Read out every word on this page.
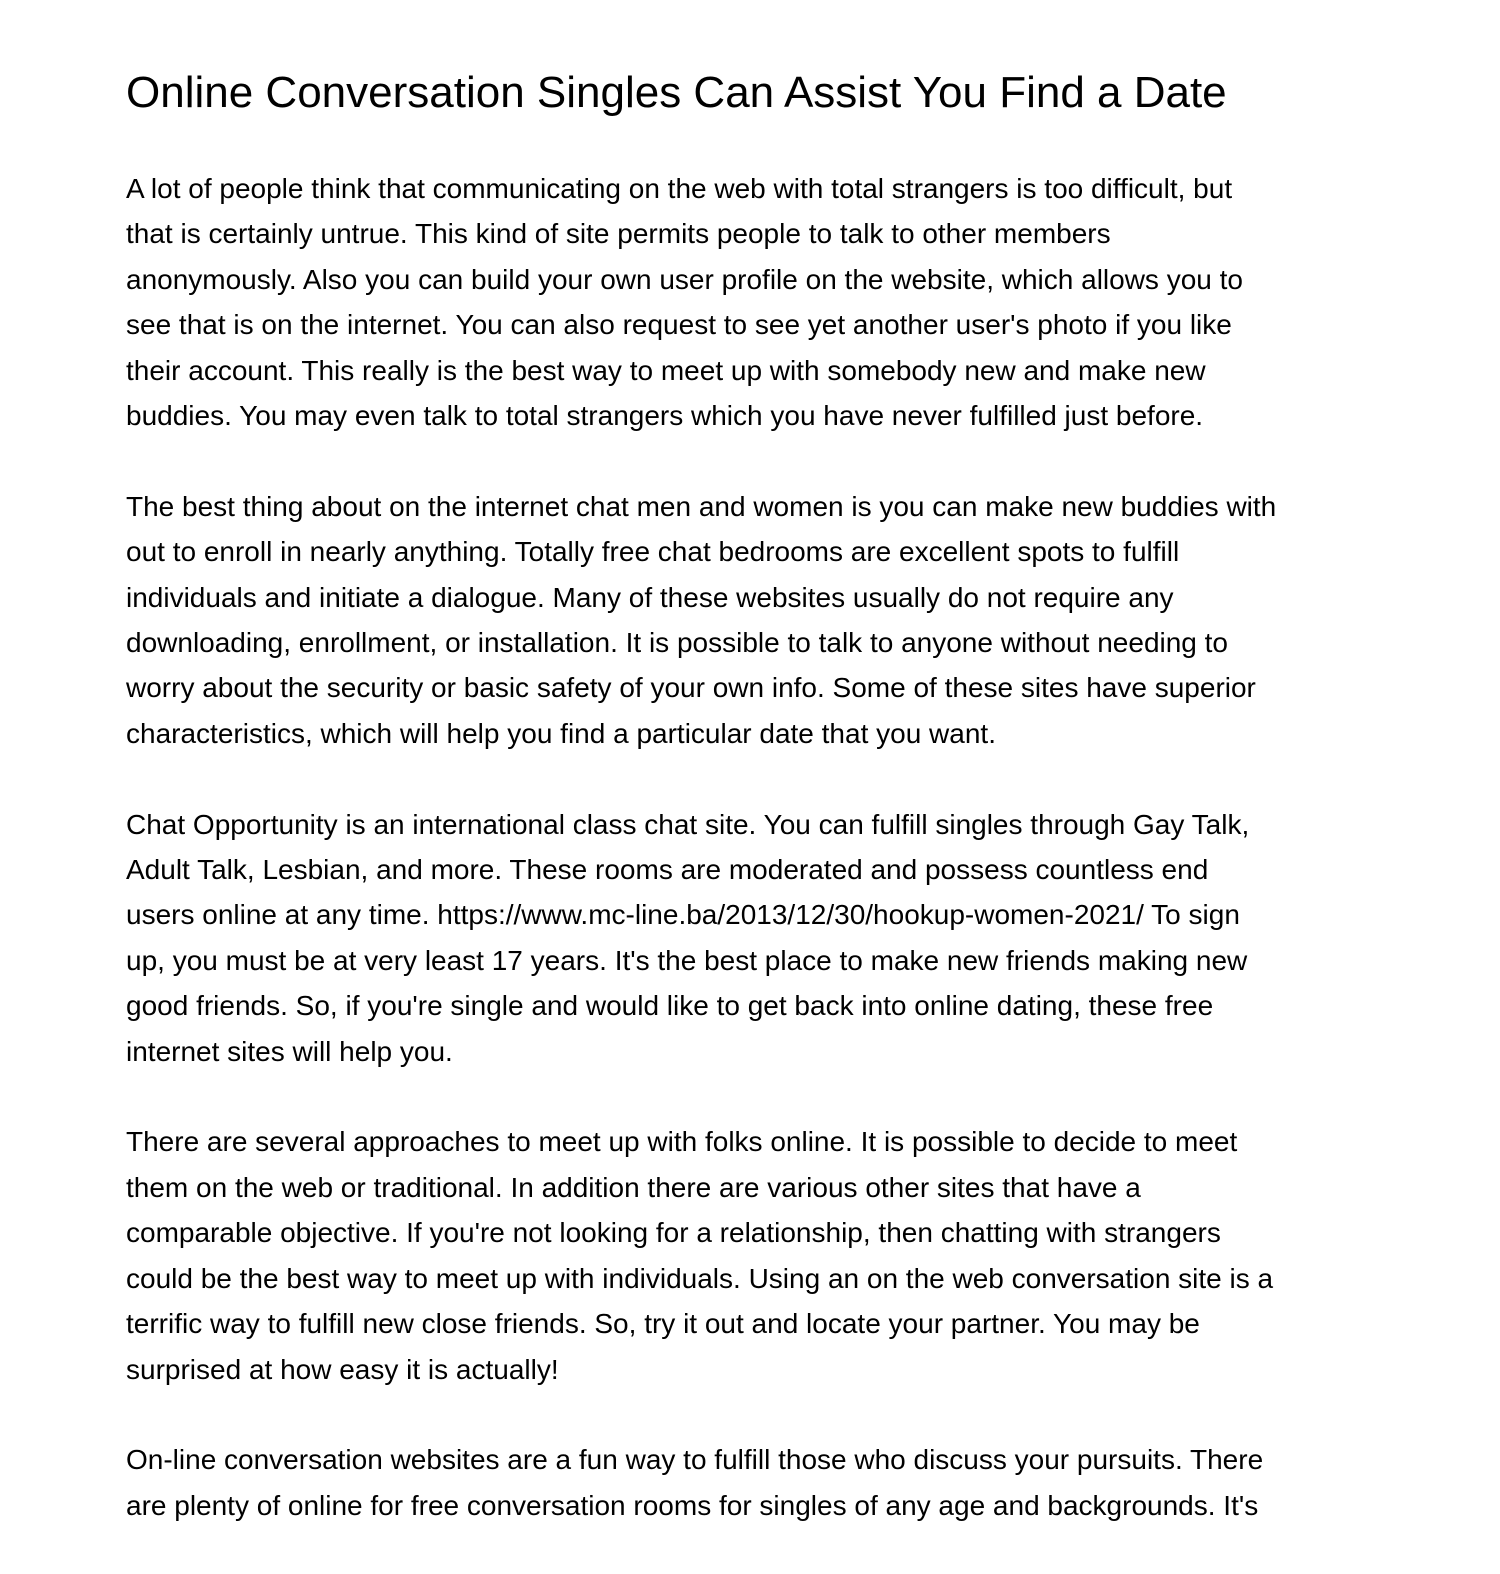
Online Conversation Singles Can Assist You Find a Date

A lot of people think that communicating on the web with total strangers is too difficult, but
that is certainly untrue. This kind of site permits people to talk to other members
anonymously. Also you can build your own user profile on the website, which allows you to
see that is on the internet. You can also request to see yet another user's photo if you like
their account. This really is the best way to meet up with somebody new and make new
buddies. You may even talk to total strangers which you have never fulfilled just before.

The best thing about on the internet chat men and women is you can make new buddies with
out to enroll in nearly anything. Totally free chat bedrooms are excellent spots to fulfill
individuals and initiate a dialogue. Many of these websites usually do not require any
downloading, enrollment, or installation. It is possible to talk to anyone without needing to
worry about the security or basic safety of your own info. Some of these sites have superior
characteristics, which will help you find a particular date that you want.

Chat Opportunity is an international class chat site. You can fulfill singles through Gay Talk,
Adult Talk, Lesbian, and more. These rooms are moderated and possess countless end
users online at any time. https://www.mc-line.ba/2013/12/30/hookup-women-2021/ To sign
up, you must be at very least 17 years. It's the best place to make new friends making new
good friends. So, if you're single and would like to get back into online dating, these free
internet sites will help you.

There are several approaches to meet up with folks online. It is possible to decide to meet
them on the web or traditional. In addition there are various other sites that have a
comparable objective. If you're not looking for a relationship, then chatting with strangers
could be the best way to meet up with individuals. Using an on the web conversation site is a
terrific way to fulfill new close friends. So, try it out and locate your partner. You may be
surprised at how easy it is actually!

On-line conversation websites are a fun way to fulfill those who discuss your pursuits. There
are plenty of online for free conversation rooms for singles of any age and backgrounds. It's
